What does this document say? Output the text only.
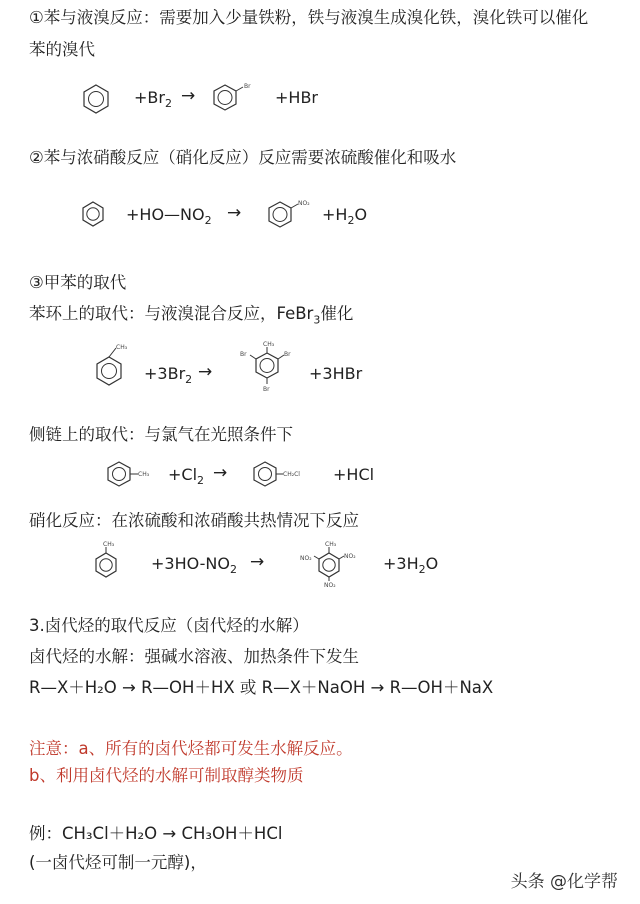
①苯与液溴反应：需要加入少量铁粉，铁与液溴生成溴化铁，溴化铁可以催化
苯的溴代
$+Br_2$ →	Br
+HBr
②苯与浓硝酸反应（硝化反应）反应需要浓硫酸催化和吸水
$+HO—NO_2$ →	NO₂
$+H_2O$
③甲苯的取代
苯环上的取代：与液溴混合反应，FeBr$_3$催化
CH₃
$+3Br_2$ →
CH₃
Br	Br
Br
+3HBr
侧链上的取代：与氯气在光照条件下
$CH_3 +Cl_2$ →	CH₂Cl +HCl
硝化反应：在浓硫酸和浓硝酸共热情况下反应
CH₃
$+3HO-NO_2$ →
CH₃
NO₂	NO₂
NO₂
$+3H_2O$
3.卤代烃的取代反应（卤代烃的水解）
卤代烃的水解：强碱水溶液、加热条件下发生
R—X＋H₂O → R—OH＋HX 或 R—X＋NaOH → R—OH＋NaX
注意：a、所有的卤代烃都可发生水解反应。
b、利用卤代烃的水解可制取醇类物质
例：CH₃Cl＋H₂O → CH₃OH＋HCl
(一卤代烃可制一元醇)，
头条 @化学帮
